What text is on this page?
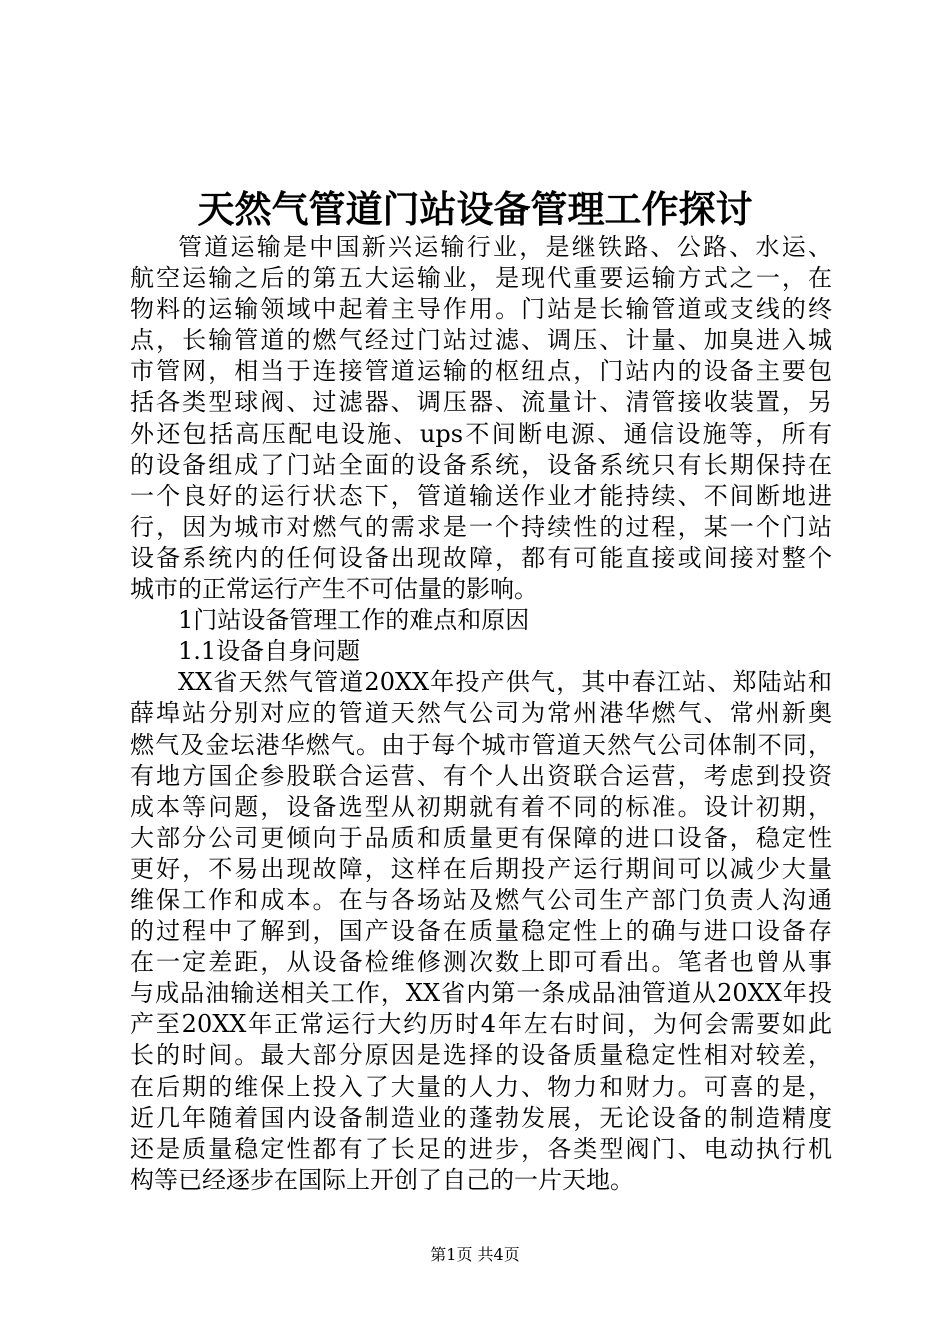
天然气管道门站设备管理工作探讨
管道运输是中国新兴运输行业，是继铁路、公路、水运、
航空运输之后的第五大运输业，是现代重要运输方式之一，在
物料的运输领域中起着主导作用。门站是长输管道或支线的终
点，长输管道的燃气经过门站过滤、调压、计量、加臭进入城
市管网，相当于连接管道运输的枢纽点，门站内的设备主要包
括各类型球阀、过滤器、调压器、流量计、清管接收装置，另
外还包括高压配电设施、ups不间断电源、通信设施等，所有
的设备组成了门站全面的设备系统，设备系统只有长期保持在
一个良好的运行状态下，管道输送作业才能持续、不间断地进
行，因为城市对燃气的需求是一个持续性的过程，某一个门站
设备系统内的任何设备出现故障，都有可能直接或间接对整个
城市的正常运行产生不可估量的影响。
1门站设备管理工作的难点和原因
1.1设备自身问题
XX省天然气管道20XX年投产供气，其中春江站、郑陆站和
薛埠站分别对应的管道天然气公司为常州港华燃气、常州新奥
燃气及金坛港华燃气。由于每个城市管道天然气公司体制不同，
有地方国企参股联合运营、有个人出资联合运营，考虑到投资
成本等问题，设备选型从初期就有着不同的标准。设计初期，
大部分公司更倾向于品质和质量更有保障的进口设备，稳定性
更好，不易出现故障，这样在后期投产运行期间可以减少大量
维保工作和成本。在与各场站及燃气公司生产部门负责人沟通
的过程中了解到，国产设备在质量稳定性上的确与进口设备存
在一定差距，从设备检维修测次数上即可看出。笔者也曾从事
与成品油输送相关工作，XX省内第一条成品油管道从20XX年投
产至20XX年正常运行大约历时4年左右时间，为何会需要如此
长的时间。最大部分原因是选择的设备质量稳定性相对较差，
在后期的维保上投入了大量的人力、物力和财力。可喜的是，
近几年随着国内设备制造业的蓬勃发展，无论设备的制造精度
还是质量稳定性都有了长足的进步，各类型阀门、电动执行机
构等已经逐步在国际上开创了自己的一片天地。
第1页 共4页
